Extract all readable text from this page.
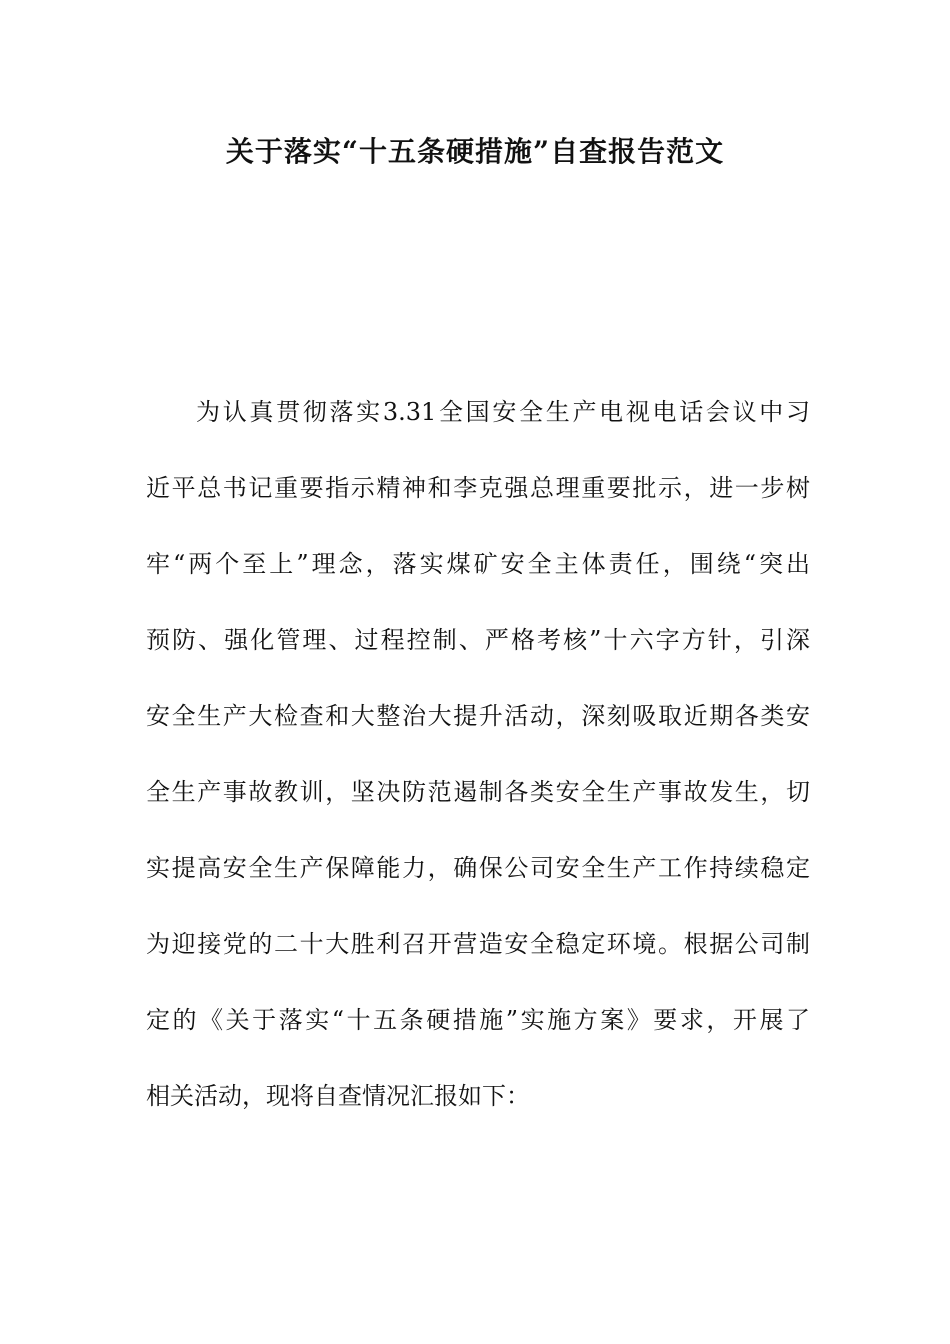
关于落实“十五条硬措施”自查报告范文
为认真贯彻落实3.31全国安全生产电视电话会议中习
近平总书记重要指示精神和李克强总理重要批示，进一步树
牢“两个至上”理念，落实煤矿安全主体责任，围绕“突出
预防、强化管理、过程控制、严格考核”十六字方针，引深
安全生产大检查和大整治大提升活动，深刻吸取近期各类安
全生产事故教训，坚决防范遏制各类安全生产事故发生，切
实提高安全生产保障能力，确保公司安全生产工作持续稳定
为迎接党的二十大胜利召开营造安全稳定环境。根据公司制
定的《关于落实“十五条硬措施”实施方案》要求，开展了
相关活动，现将自查情况汇报如下：
